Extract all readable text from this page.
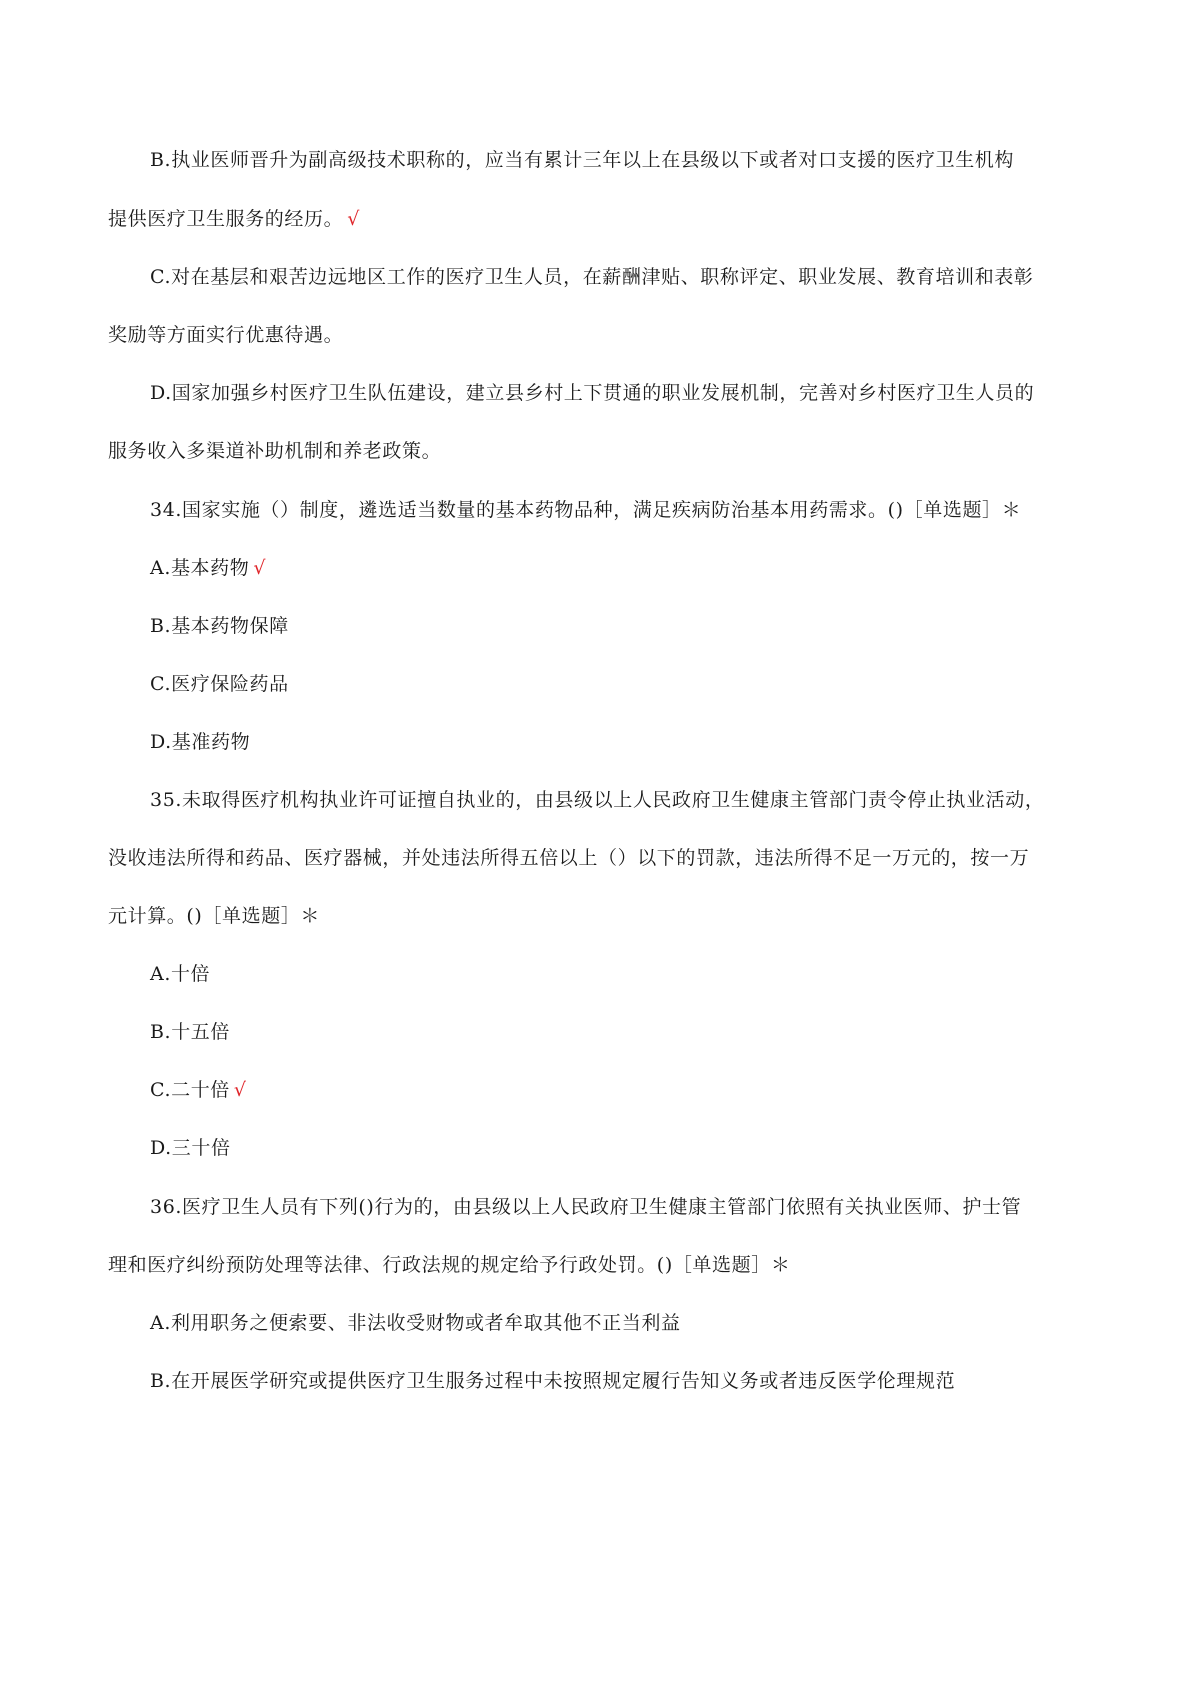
B.执业医师晋升为副高级技术职称的，应当有累计三年以上在县级以下或者对口支援的医疗卫生机构
提供医疗卫生服务的经历。 √
C.对在基层和艰苦边远地区工作的医疗卫生人员，在薪酬津贴、职称评定、职业发展、教育培训和表彰
奖励等方面实行优惠待遇。
D.国家加强乡村医疗卫生队伍建设，建立县乡村上下贯通的职业发展机制，完善对乡村医疗卫生人员的
服务收入多渠道补助机制和养老政策。
34.国家实施（）制度，遴选适当数量的基本药物品种，满足疾病防治基本用药需求。()［单选题］＊
A.基本药物 √
B.基本药物保障
C.医疗保险药品
D.基准药物
35.未取得医疗机构执业许可证擅自执业的，由县级以上人民政府卫生健康主管部门责令停止执业活动，
没收违法所得和药品、医疗器械，并处违法所得五倍以上（）以下的罚款，违法所得不足一万元的，按一万
元计算。()［单选题］＊
A.十倍
B.十五倍
C.二十倍 √
D.三十倍
36.医疗卫生人员有下列()行为的，由县级以上人民政府卫生健康主管部门依照有关执业医师、护士管
理和医疗纠纷预防处理等法律、行政法规的规定给予行政处罚。()［单选题］＊
A.利用职务之便索要、非法收受财物或者牟取其他不正当利益
B.在开展医学研究或提供医疗卫生服务过程中未按照规定履行告知义务或者违反医学伦理规范
